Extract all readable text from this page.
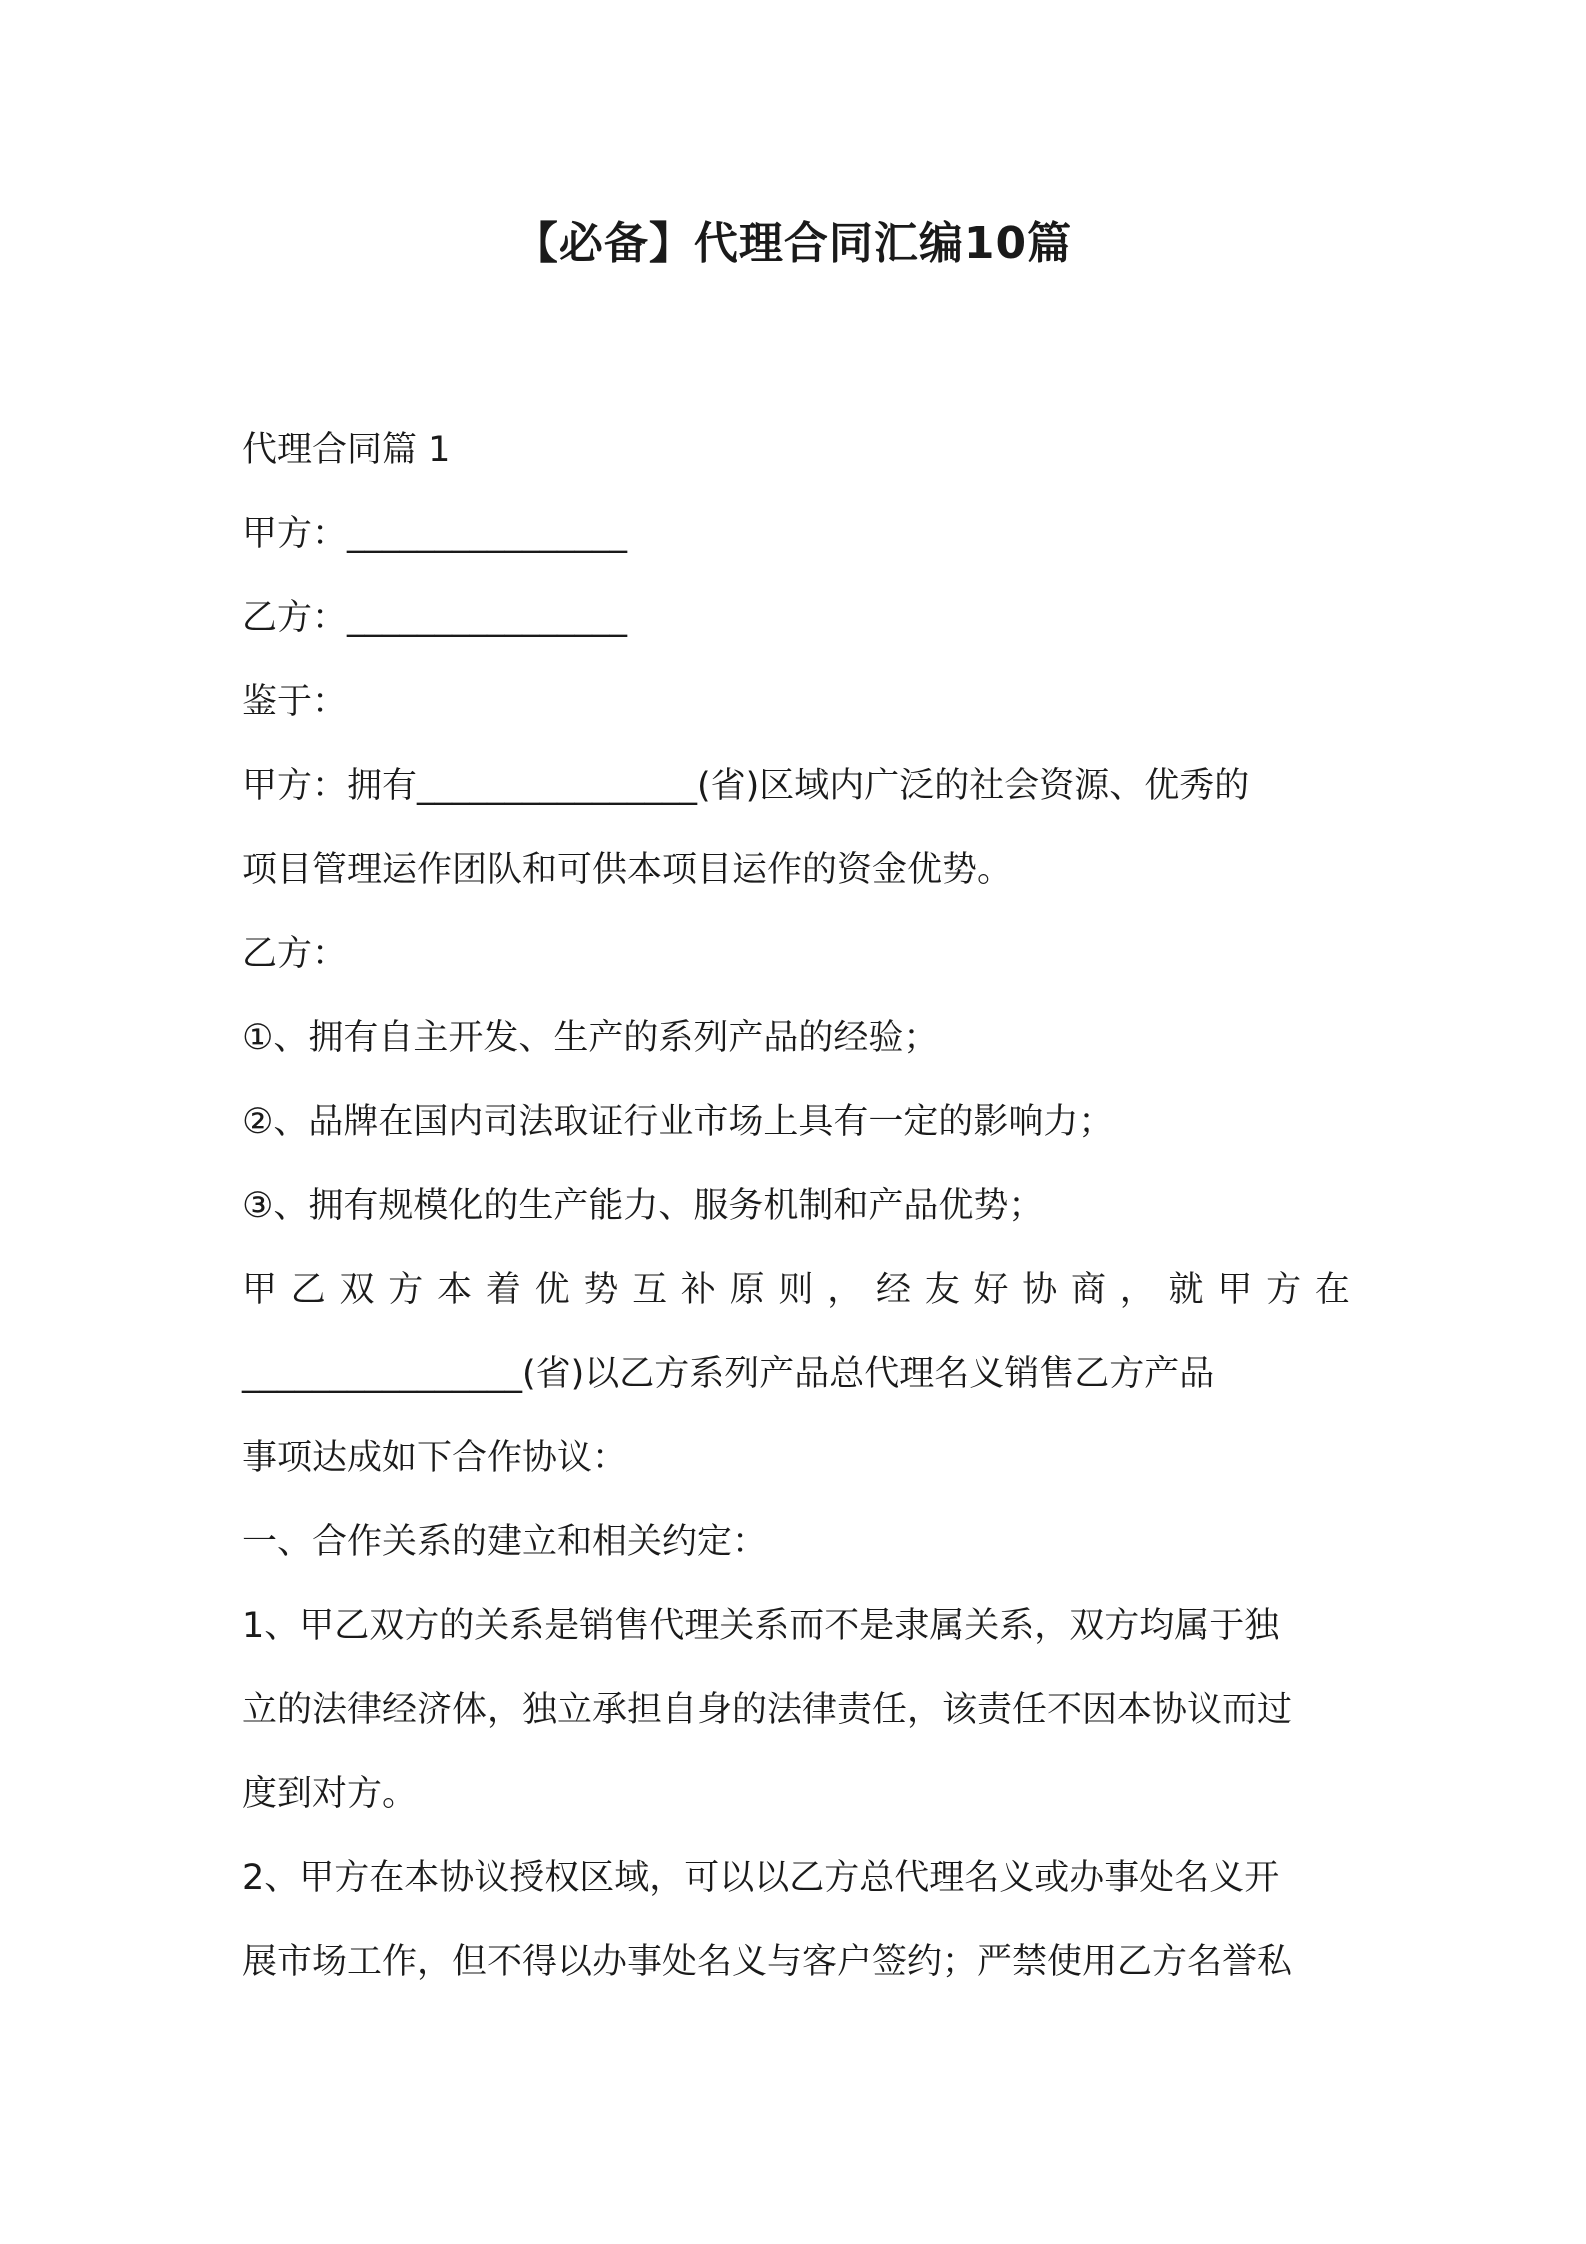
【必备】代理合同汇编10篇
代理合同篇 1
甲方：________________
乙方：________________
鉴于：
甲方：拥有________________(省)区域内广泛的社会资源、优秀的
项目管理运作团队和可供本项目运作的资金优势。
乙方：
①、拥有自主开发、生产的系列产品的经验；
②、品牌在国内司法取证行业市场上具有一定的影响力；
③、拥有规模化的生产能力、服务机制和产品优势；
甲 乙 双 方 本 着 优 势 互 补 原 则 ， 经 友 好 协 商 ， 就 甲 方 在
________________(省)以乙方系列产品总代理名义销售乙方产品
事项达成如下合作协议：
一、合作关系的建立和相关约定：
1、甲乙双方的关系是销售代理关系而不是隶属关系，双方均属于独
立的法律经济体，独立承担自身的法律责任，该责任不因本协议而过
度到对方。
2、甲方在本协议授权区域，可以以乙方总代理名义或办事处名义开
展市场工作，但不得以办事处名义与客户签约；严禁使用乙方名誉私
